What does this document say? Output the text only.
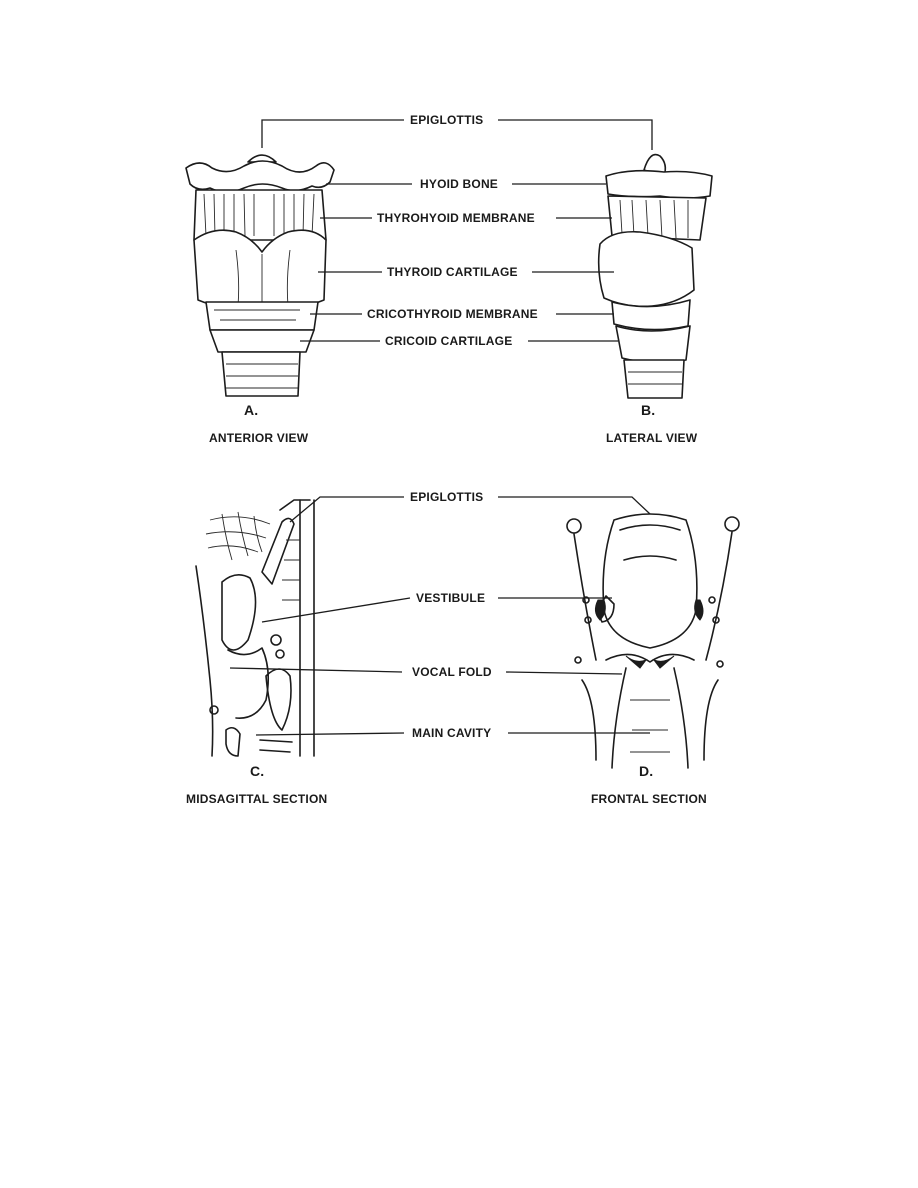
EPIGLOTTIS
HYOID BONE
THYROHYOID MEMBRANE
THYROID CARTILAGE
CRICOTHYROID MEMBRANE
CRICOID CARTILAGE
A.
ANTERIOR VIEW
B.
LATERAL VIEW
EPIGLOTTIS
VESTIBULE
VOCAL FOLD
MAIN CAVITY
C.
MIDSAGITTAL SECTION
D.
FRONTAL SECTION
